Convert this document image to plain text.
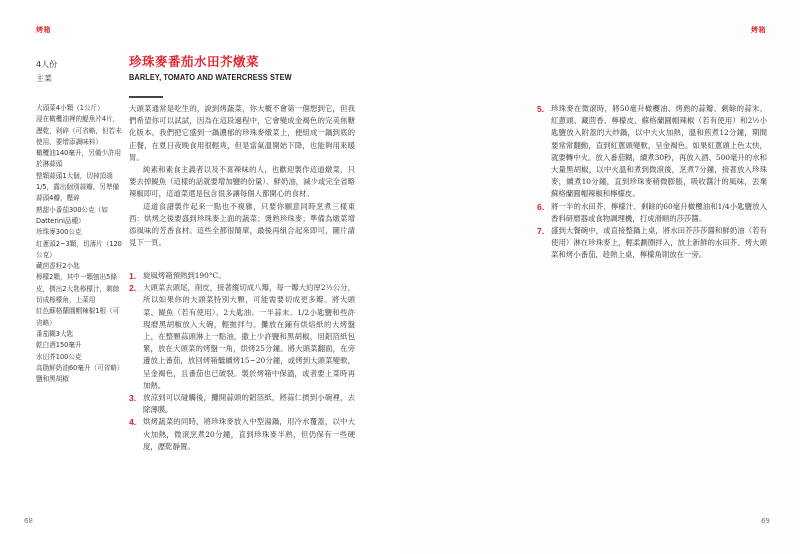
烤箱
4人份
主菜
珍珠麥番茄水田芥燉菜
BARLEY, TOMATO AND WATERCRESS STEW
大頭菜4小顆（1公斤）
浸在橄欖油裡的鯷魚片4片，瀝乾，剁碎（可省略，但若未使用，要增添調味料）
橄欖油140毫升，另備少許用於淋蒜頭
整顆蒜頭1大個，切掉頂端1/5，露出個別蒜瓣，另準備蒜頭4瓣，壓碎
熟甜小番茄300公克（如Datterini品種）
珍珠麥300公克
紅蔥頭2~3顆，切薄片（120公克）
藏茴香籽2小匙
檸檬2顆，其中一顆刨出5條皮，擠出2大匙檸檬汁，剩餘切成檸檬角，上菜用
紅色蘇格蘭圓帽辣椒1根（可省略）
番茄糊3大匙
乾白酒150毫升
水田芥100公克
高脂鮮奶油60毫升（可省略）
鹽和黑胡椒

大頭菜通常是吃生的，說到烤蔬菜，你大概不會第一個想到它，但我們希望你可以試試，因為在這段過程中，它會變成金褐色的完美焦糖化版本。我們把它盛到一鍋濃郁的珍珠麥燉菜上，便組成一鍋到底的正餐，在夏日夜晚食用很輕爽，但是當氣溫開始下降，也能夠用來暖胃。

純素和素食主義者以及不喜辣味的人，也歡迎製作這道燉菜，只要去掉鯷魚（這樣的話就要增加鹽的份量）、鮮奶油，減少或完全省略辣椒即可，這道菜還是包含很多讓每個人都開心的食材。

這道食譜製作起來一點也不複雜，只要你願意同時烹煮三樣東西：烘烤之後要盛到珍珠麥上面的蔬菜；燙熟珍珠麥；準備為燉菜增添風味的芳香食材。這些全都很簡單，最後再組合起來即可，圖片請見下一頁。

1. 旋風烤箱預熱到190°C。
2. 大頭菜去頭尾，削皮，接著縱切成八瓣，每一瓣大約厚2½公分，所以如果你的大頭菜特別大顆，可能需要切成更多瓣。將大頭菜、鯷魚（若有使用）、2大匙油、一半蒜末、1/2小匙鹽和些許現磨黑胡椒放入大碗，輕拋拌勻。攤放在鋪有烘焙紙的大烤盤上，在整顆蒜頭淋上一點油，撒上少許鹽和黑胡椒，用鋁箔紙包緊，放在大頭菜的烤盤一角，烘烤25分鐘。將大頭菜翻面，在旁邊放上番茄，放回烤箱繼續烤15~20分鐘，或烤到大頭菜變軟，呈金褐色，且番茄也已破裂。製於烤箱中保溫，或者要上菜時再加熱。
3. 放涼到可以碰觸後，攤開蒜頭的鋁箔紙，將蒜仁擠到小碗裡，去除薄膜。
4. 烘烤蔬菜的同時，將珍珠麥放入中型湯鍋，用冷水覆蓋，以中大火加熱，微滾烹煮20分鐘，直到珍珠麥半熟，但仍保有一些硬度，瀝乾靜置。
68
烤箱
5. 珍珠麥在微滾時，將50毫升橄欖油、烤熟的蒜瓣、剩餘的蒜末、紅蔥頭、藏茴香、檸檬皮、蘇格蘭圓帽辣椒（若有使用）和2½小匙鹽放入附蓋的大炒鍋，以中大火加熱，溫和煎煮12分鐘，期間要常常翻動，直到紅蔥頭變軟，呈金褐色。如果紅蔥頭上色太快，就要轉中火。放入番茄糊，續煮30秒，再放入酒、500毫升的水和大量黑胡椒，以中火溫和煮到微滾後，烹煮7分鐘，接著放入珍珠麥，續煮10分鐘，直到珍珠麥稍微膨脹，吸收醬汁的風味，丟棄蘇格蘭圓帽辣椒和檸檬皮。
6. 將一半的水田芥、檸檬汁、剩餘的60毫升橄欖油和1/4小匙鹽放入香料研磨器或食物調理機，打成滑順的莎莎醬。
7. 盛到大餐碗中，或直接整鍋上桌，將水田芥莎莎醬和鮮奶油（若有使用）淋在珍珠麥上，輕柔劃圈拌入，放上新鮮的水田芥、烤大頭菜和烤小番茄，趁熱上桌，檸檬角則放在一旁。
69
